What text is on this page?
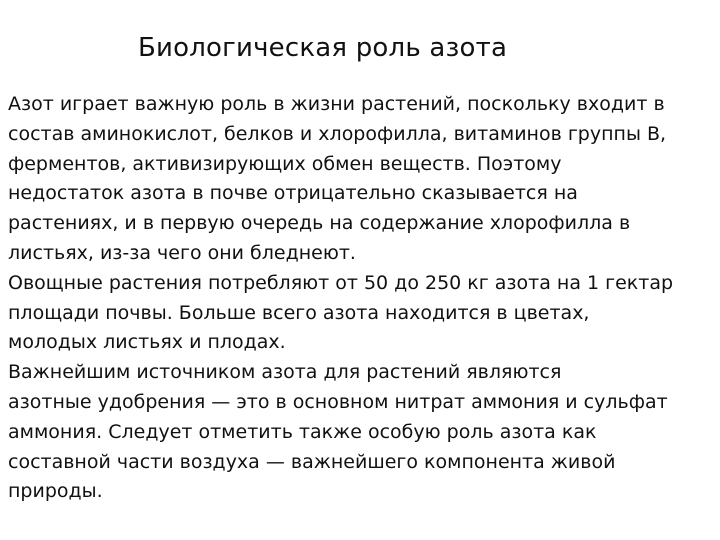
Биологическая роль азота
Азот играет важную роль в жизни растений, поскольку входит в
состав аминокислот, белков и хлорофилла, витаминов группы B,
ферментов, активизирующих обмен веществ. Поэтому
недостаток азота в почве отрицательно сказывается на
растениях, и в первую очередь на содержание хлорофилла в
листьях, из-за чего они бледнеют.
Овощные растения потребляют от 50 до 250 кг азота на 1 гектар
площади почвы. Больше всего азота находится в цветах,
молодых листьях и плодах.
Важнейшим источником азота для растений являются
азотные удобрения — это в основном нитрат аммония и сульфат
аммония. Следует отметить также особую роль азота как
составной части воздуха — важнейшего компонента живой
природы.
